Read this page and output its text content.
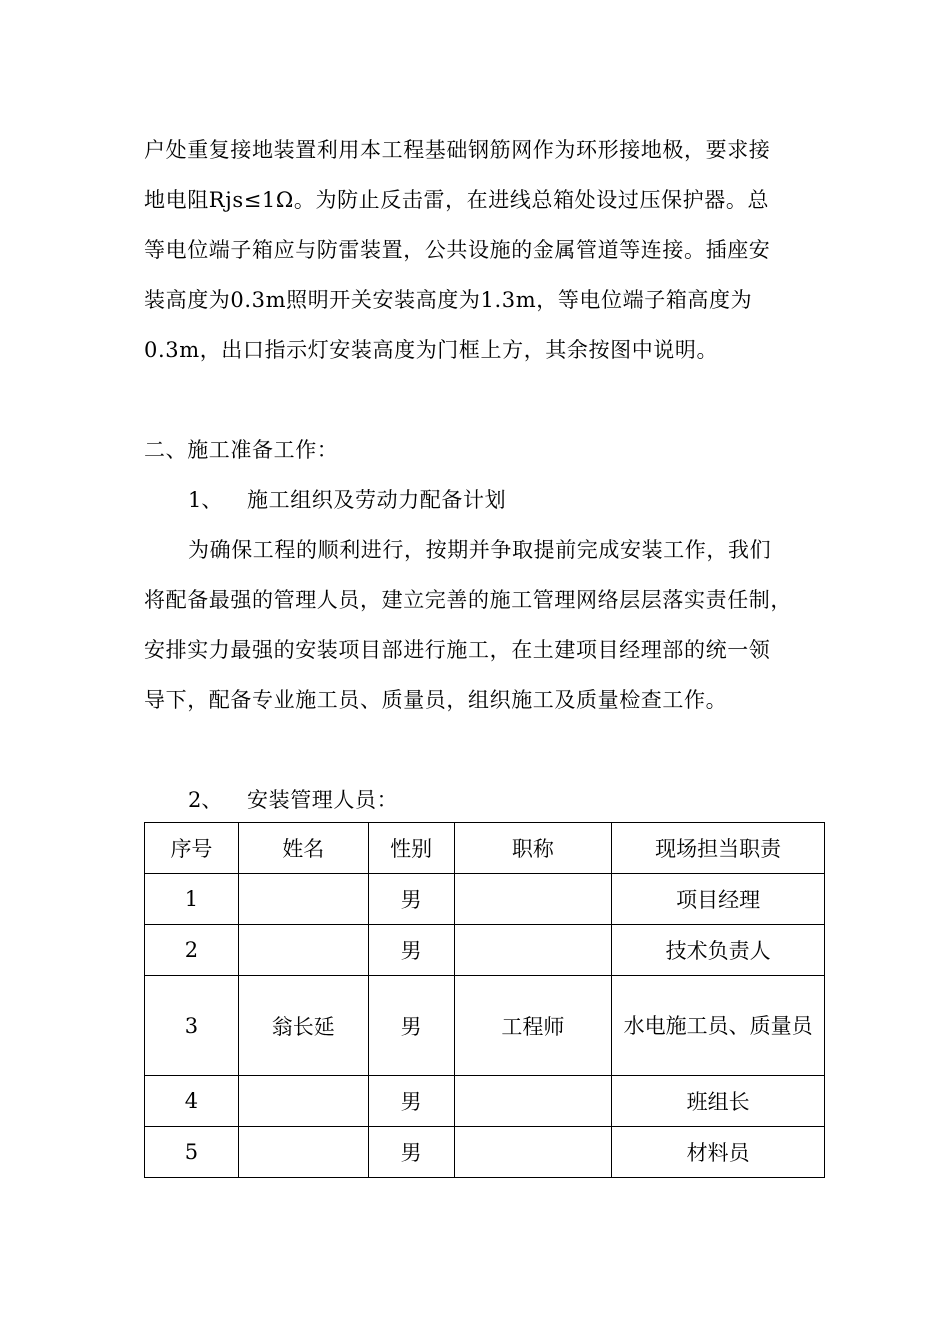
户处重复接地装置利用本工程基础钢筋网作为环形接地极，要求接
地电阻Rjs≤1Ω。为防止反击雷，在进线总箱处设过压保护器。总
等电位端子箱应与防雷装置，公共设施的金属管道等连接。插座安
装高度为0.3m照明开关安装高度为1.3m，等电位端子箱高度为
0.3m，出口指示灯安装高度为门框上方，其余按图中说明。
二、施工准备工作：
1、 施工组织及劳动力配备计划
为确保工程的顺利进行，按期并争取提前完成安装工作，我们
将配备最强的管理人员，建立完善的施工管理网络层层落实责任制，
安排实力最强的安装项目部进行施工，在土建项目经理部的统一领
导下，配备专业施工员、质量员，组织施工及质量检查工作。
2、 安装管理人员：
序号	姓名	性别	职称	现场担当职责
1		男		项目经理
2		男		技术负责人
3	翁长延	男	工程师	水电施工员、质量员
4		男		班组长
5		男		材料员
